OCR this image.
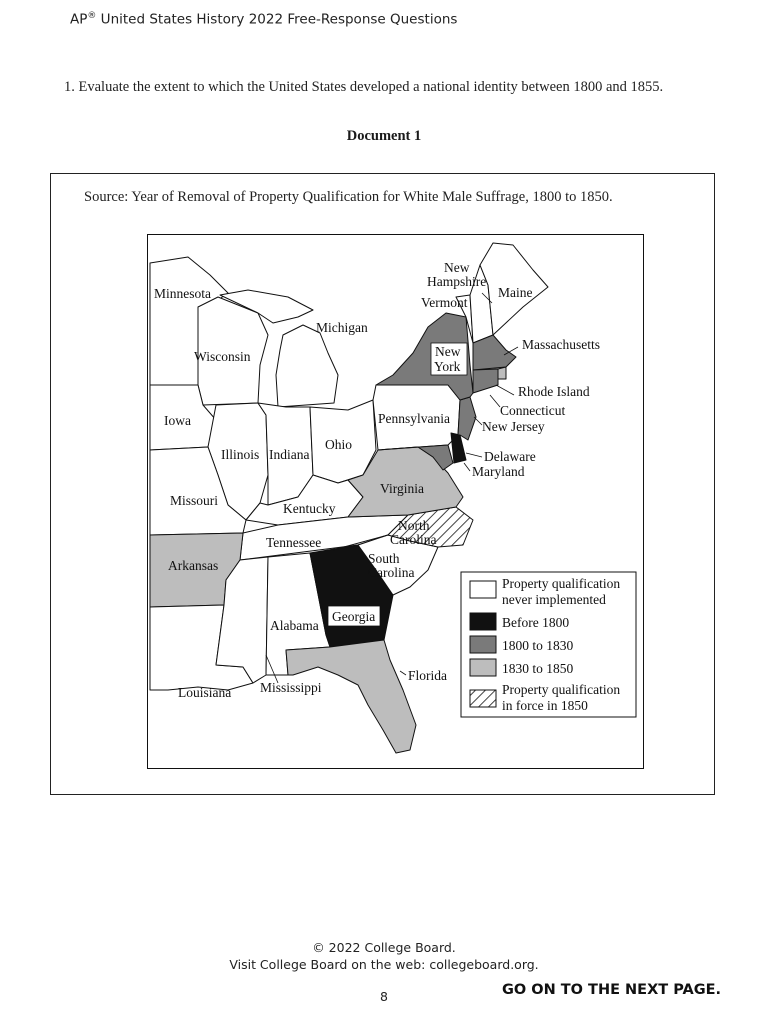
AP® United States History 2022 Free-Response Questions
1. Evaluate the extent to which the United States developed a national identity between 1800 and 1855.
Document 1
Source: Year of Removal of Property Qualification for White Male Suffrage, 1800 to 1850.
Minnesota
Wisconsin
Michigan
Iowa
Illinois Indiana
Ohio
Pennsylvania
Missouri
Kentucky
Tennessee
Arkansas
Louisiana Mississippi
Alabama
Georgia
Florida
South
Carolina
North
Carolina
Virginia
New
York
New
Hampshire
Vermont
Maine
Massachusetts
Rhode Island
Connecticut
New Jersey
Delaware
Maryland
Property qualification
never implemented
Before 1800
1800 to 1830
1830 to 1850
Property qualification
in force in 1850
© 2022 College Board.
Visit College Board on the web: collegeboard.org.
8	GO ON TO THE NEXT PAGE.
